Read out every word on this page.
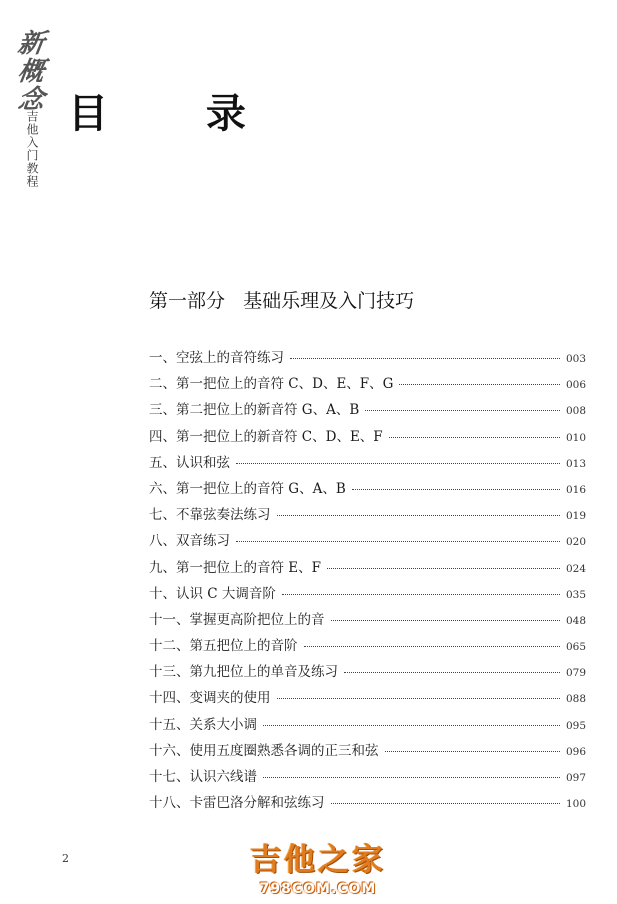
新
概
念
吉他入门教程 目 录
第一部分   基础乐理及入门技巧
一、空弦上的音符练习	003
二、第一把位上的音符 C、D、E、F、G	006
三、第二把位上的新音符 G、A、B	008
四、第一把位上的新音符 C、D、E、F	010
五、认识和弦	013
六、第一把位上的音符 G、A、B	016
七、不靠弦奏法练习	019
八、双音练习	020
九、第一把位上的音符 E、F	024
十、认识 C 大调音阶	035
十一、掌握更高阶把位上的音	048
十二、第五把位上的音阶	065
十三、第九把位上的单音及练习	079
十四、变调夹的使用	088
十五、关系大小调	095
十六、使用五度圈熟悉各调的正三和弦	096
十七、认识六线谱	097
十八、卡雷巴洛分解和弦练习	100
2	吉他之家
798COM.COM
